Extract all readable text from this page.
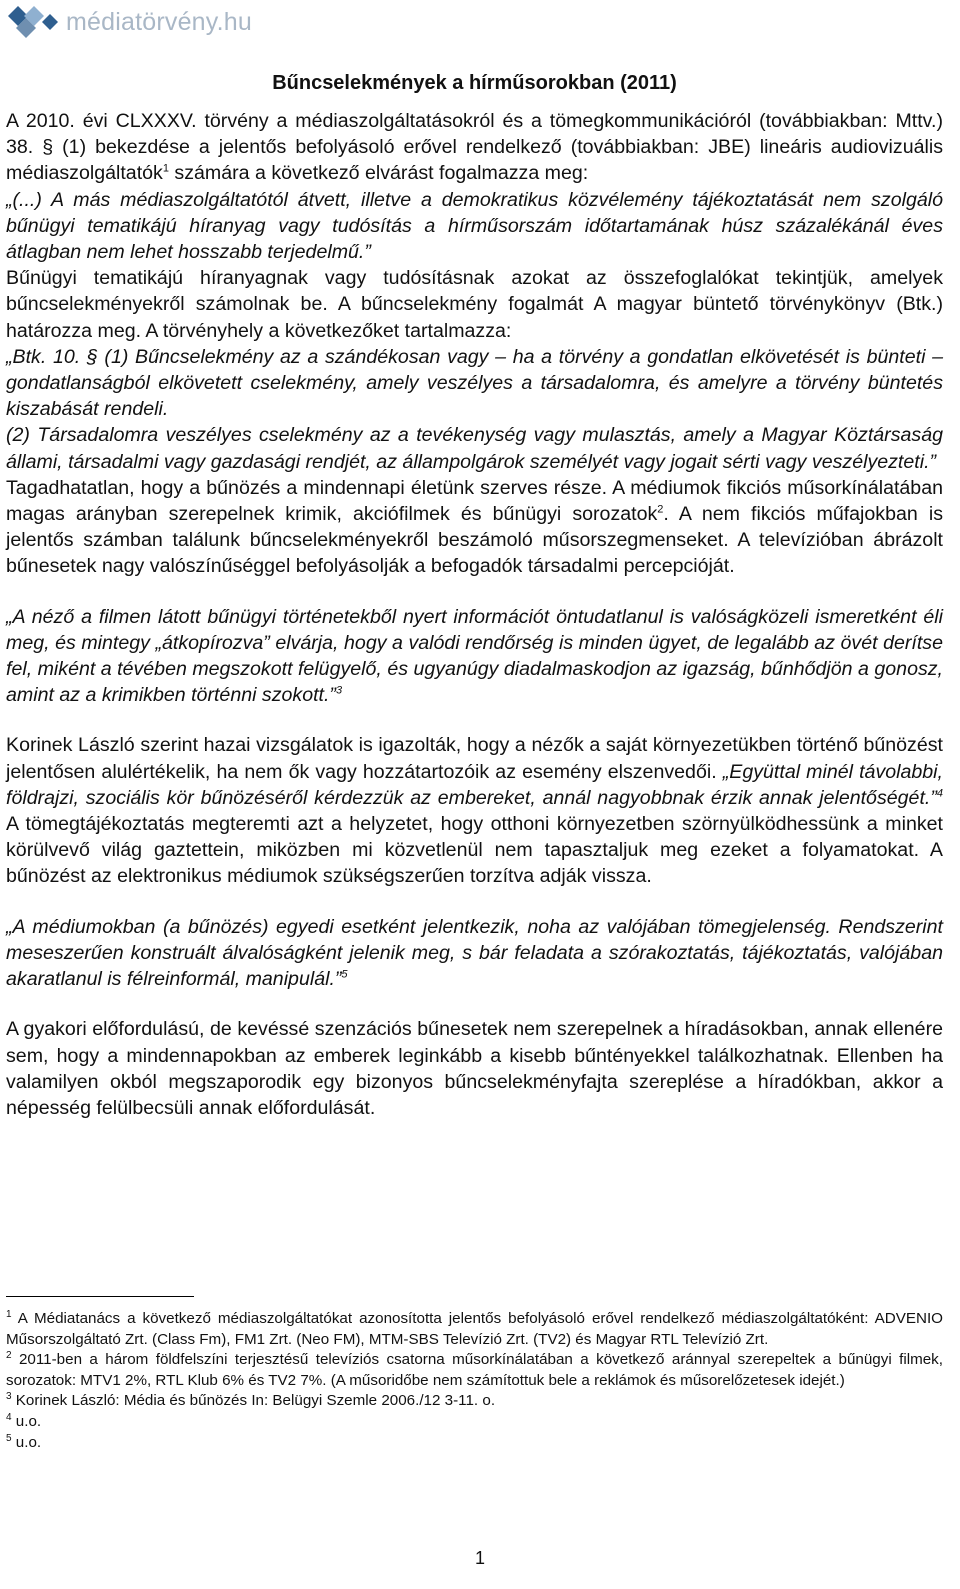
médiatörvény.hu
Bűncselekmények a hírműsorokban (2011)

A 2010. évi CLXXXV. törvény a médiaszolgáltatásokról és a tömegkommunikációról (továbbiakban: Mttv.) 38. § (1) bekezdése a jelentős befolyásoló erővel rendelkező (továbbiakban: JBE) lineáris audiovizuális médiaszolgáltatók$^1$ számára a következő elvárást fogalmazza meg:

„(...) A más médiaszolgáltatótól átvett, illetve a demokratikus közvélemény tájékoztatását nem szolgáló bűnügyi tematikájú híranyag vagy tudósítás a hírműsorszám időtartamának húsz százalékánál éves átlagban nem lehet hosszabb terjedelmű.”

Bűnügyi tematikájú híranyagnak vagy tudósításnak azokat az összefoglalókat tekintjük, amelyek bűncselekményekről számolnak be. A bűncselekmény fogalmát A magyar büntető törvénykönyv (Btk.) határozza meg. A törvényhely a következőket tartalmazza:

„Btk. 10. § (1) Bűncselekmény az a szándékosan vagy – ha a törvény a gondatlan elkövetését is bünteti – gondatlanságból elkövetett cselekmény, amely veszélyes a társadalomra, és amelyre a törvény büntetés kiszabását rendeli.

(2) Társadalomra veszélyes cselekmény az a tevékenység vagy mulasztás, amely a Magyar Köztársaság állami, társadalmi vagy gazdasági rendjét, az állampolgárok személyét vagy jogait sérti vagy veszélyezteti.”

Tagadhatatlan, hogy a bűnözés a mindennapi életünk szerves része. A médiumok fikciós műsorkínálatában magas arányban szerepelnek krimik, akciófilmek és bűnügyi sorozatok$^2$. A nem fikciós műfajokban is jelentős számban találunk bűncselekményekről beszámoló műsorszegmenseket. A televízióban ábrázolt bűnesetek nagy valószínűséggel befolyásolják a befogadók társadalmi percepcióját.

„A néző a filmen látott bűnügyi történetekből nyert információt öntudatlanul is valóságközeli ismeretként éli meg, és mintegy „átkopírozva” elvárja, hogy a valódi rendőrség is minden ügyet, de legalább az övét derítse fel, miként a tévében megszokott felügyelő, és ugyanúgy diadalmaskodjon az igazság, bűnhődjön a gonosz, amint az a krimikben történni szokott.”$^3$

Korinek László szerint hazai vizsgálatok is igazolták, hogy a nézők a saját környezetükben történő bűnözést jelentősen alulértékelik, ha nem ők vagy hozzátartozóik az esemény elszenvedői. „Együttal minél távolabbi, földrajzi, szociális kör bűnözéséről kérdezzük az embereket, annál nagyobbnak érzik annak jelentőségét.”$^4$ A tömegtájékoztatás megteremti azt a helyzetet, hogy otthoni környezetben szörnyülködhessünk a minket körülvevő világ gaztettein, miközben mi közvetlenül nem tapasztaljuk meg ezeket a folyamatokat. A bűnözést az elektronikus médiumok szükségszerűen torzítva adják vissza.

„A médiumokban (a bűnözés) egyedi esetként jelentkezik, noha az valójában tömegjelenség. Rendszerint meseszerűen konstruált álvalóságként jelenik meg, s bár feladata a szórakoztatás, tájékoztatás, valójában akaratlanul is félreinformál, manipulál.”$^5$

A gyakori előfordulású, de kevéssé szenzációs bűnesetek nem szerepelnek a híradásokban, annak ellenére sem, hogy a mindennapokban az emberek leginkább a kisebb bűntényekkel találkozhatnak. Ellenben ha valamilyen okból megszaporodik egy bizonyos bűncselekményfajta szereplése a híradókban, akkor a népesség felülbecsüli annak előfordulását.

$^1$ A Médiatanács a következő médiaszolgáltatókat azonosította jelentős befolyásoló erővel rendelkező médiaszolgáltatóként: ADVENIO Műsorszolgáltató Zrt. (Class Fm), FM1 Zrt. (Neo FM), MTM-SBS Televízió Zrt. (TV2) és Magyar RTL Televízió Zrt.

$^2$ 2011-ben a három földfelszíni terjesztésű televíziós csatorna műsorkínálatában a következő aránnyal szerepeltek a bűnügyi filmek, sorozatok: MTV1 2%, RTL Klub 6% és TV2 7%. (A műsoridőbe nem számítottuk bele a reklámok és műsorelőzetesek idejét.)

$^3$ Korinek László: Média és bűnözés In: Belügyi Szemle 2006./12 3-11. o.

$^4$ u.o.

$^5$ u.o.

1
